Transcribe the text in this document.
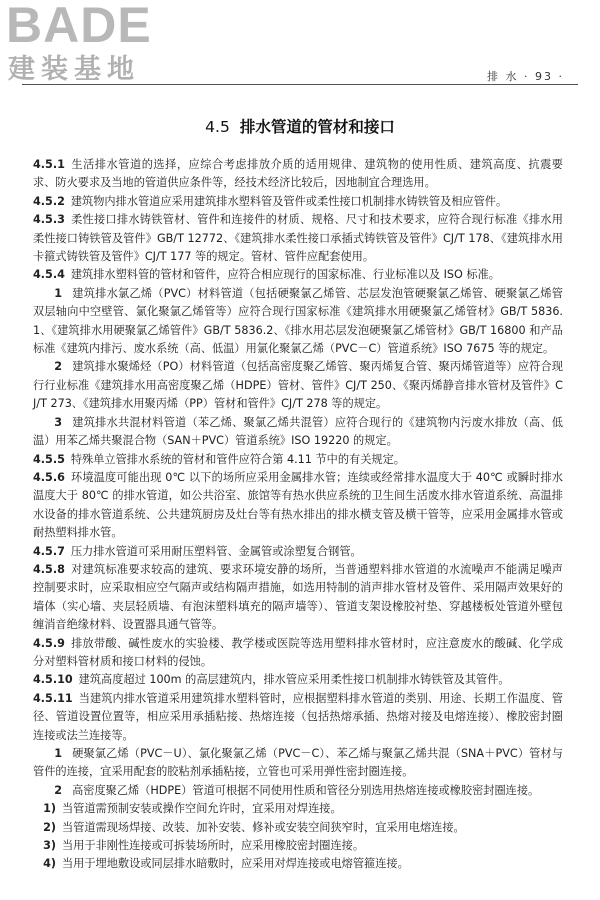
BADE
建装基地	排 水 · 93 ·
4.5 排水管道的管材和接口

4.5.1 生活排水管道的选择，应综合考虑排放介质的适用规律、建筑物的使用性质、建筑高度、抗震要求、防火要求及当地的管道供应条件等，经技术经济比较后，因地制宜合理选用。

4.5.2 建筑物内排水管道应采用建筑排水塑料管及管件或柔性接口机制排水铸铁管及相应管件。

4.5.3 柔性接口排水铸铁管材、管件和连接件的材质、规格、尺寸和技术要求，应符合现行标准《排水用柔性接口铸铁管及管件》GB/T 12772、《建筑排水柔性接口承插式铸铁管及管件》CJ/T 178、《建筑排水用卡箍式铸铁管及管件》CJ/T 177 等的规定。管材、管件应配套使用。

4.5.4 建筑排水塑料管的管材和管件，应符合相应现行的国家标准、行业标准以及 ISO 标准。

1 建筑排水氯乙烯（PVC）材料管道（包括硬聚氯乙烯管、芯层发泡管硬聚氯乙烯管、硬聚氯乙烯管双层轴向中空壁管、氯化聚氯乙烯管等）应符合现行国家标准《建筑排水用硬聚氯乙烯管材》GB/T 5836.1、《建筑排水用硬聚氯乙烯管件》GB/T 5836.2、《排水用芯层发泡硬聚氯乙烯管材》GB/T 16800 和产品标准《建筑内排污、废水系统（高、低温）用氯化聚氯乙烯（PVC－C）管道系统》ISO 7675 等的规定。

2 建筑排水聚烯烃（PO）材料管道（包括高密度聚乙烯管、聚丙烯复合管、聚丙烯管道等）应符合现行行业标准《建筑排水用高密度聚乙烯（HDPE）管材、管件》CJ/T 250、《聚丙烯静音排水管材及管件》CJ/T 273、《建筑排水用聚丙烯（PP）管材和管件》CJ/T 278 等的规定。

3 建筑排水共混材料管道（苯乙烯、聚氯乙烯共混管）应符合现行的《建筑物内污废水排放（高、低温）用苯乙烯共聚混合物（SAN＋PVC）管道系统》ISO 19220 的规定。

4.5.5 特殊单立管排水系统的管材和管件应符合第 4.11 节中的有关规定。

4.5.6 环境温度可能出现 0℃ 以下的场所应采用金属排水管；连续或经常排水温度大于 40℃ 或瞬时排水温度大于 80℃ 的排水管道，如公共浴室、旅馆等有热水供应系统的卫生间生活废水排水管道系统、高温排水设备的排水管道系统、公共建筑厨房及灶台等有热水排出的排水横支管及横干管等，应采用金属排水管或耐热塑料排水管。

4.5.7 压力排水管道可采用耐压塑料管、金属管或涂塑复合钢管。

4.5.8 对建筑标准要求较高的建筑、要求环境安静的场所，当普通塑料排水管道的水流噪声不能满足噪声控制要求时，应采取相应空气隔声或结构隔声措施，如选用特制的消声排水管材及管件、采用隔声效果好的墙体（实心墙、夹层轻质墙、有泡沫塑料填充的隔声墙等）、管道支架设橡胶衬垫、穿越楼板处管道外壁包缠消音绝缘材料、设置器具通气管等。

4.5.9 排放带酸、碱性废水的实验楼、教学楼或医院等选用塑料排水管材时，应注意废水的酸碱、化学成分对塑料管材质和接口材料的侵蚀。

4.5.10 建筑高度超过 100m 的高层建筑内，排水管应采用柔性接口机制排水铸铁管及其管件。

4.5.11 当建筑内排水管道采用建筑排水塑料管时，应根据塑料排水管道的类别、用途、长期工作温度、管径、管道设置位置等，相应采用承插粘接、热熔连接（包括热熔承插、热熔对接及电熔连接）、橡胶密封圈连接或法兰连接等。

1 硬聚氯乙烯（PVC－U）、氯化聚氯乙烯（PVC－C）、苯乙烯与聚氯乙烯共混（SNA＋PVC）管材与管件的连接，宜采用配套的胶粘剂承插粘接，立管也可采用弹性密封圈连接。

2 高密度聚乙烯（HDPE）管道可根据不同使用性质和管径分别选用热熔连接或橡胶密封圈连接。

1) 当管道需预制安装或操作空间允许时，宜采用对焊连接。

2) 当管道需现场焊接、改装、加补安装、修补或安装空间狭窄时，宜采用电熔连接。

3) 当用于非刚性连接或可拆装场所时，应采用橡胶密封圈连接。

4) 当用于埋地敷设或同层排水暗敷时，应采用对焊连接或电熔管箍连接。
